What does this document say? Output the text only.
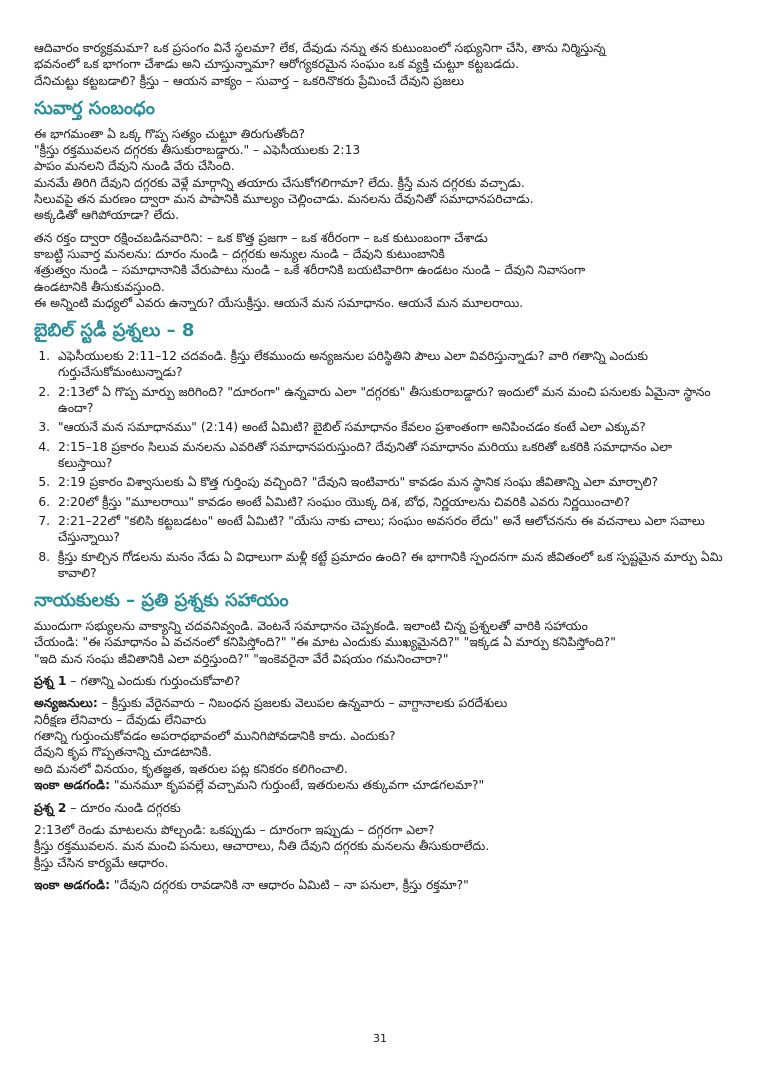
ఆదివారం కార్యక్రమమా? ఒక ప్రసంగం వినే స్థలమా? లేక, దేవుడు నన్ను తన కుటుంబంలో సభ్యునిగా చేసి, తాను నిర్మిస్తున్న

భవనంలో ఒక భాగంగా చేశాడు అని చూస్తున్నామా? ఆరోగ్యకరమైన సంఘం ఒక వ్యక్తి చుట్టూ కట్టబడదు.

దేనిచుట్టు కట్టబడాలి? క్రీస్తు – ఆయన వాక్యం – సువార్త – ఒకరినొకరు ప్రేమించే దేవుని ప్రజలు

సువార్త సంబంధం

ఈ భాగమంతా ఏ ఒక్క గొప్ప సత్యం చుట్టూ తిరుగుతోంది?

"క్రీస్తు రక్తమువలన దగ్గరకు తీసుకురాబడ్డారు." – ఎఫెసీయులకు 2:13

పాపం మనలని దేవుని నుండి వేరు చేసింది.

మనమే తిరిగి దేవుని దగ్గరకు వెళ్లే మార్గాన్ని తయారు చేసుకోగలిగామా? లేదు. క్రీస్తే మన దగ్గరకు వచ్చాడు.

సిలువపై తన మరణం ద్వారా మన పాపానికి మూల్యం చెల్లించాడు. మనలను దేవునితో సమాధానపరిచాడు.

అక్కడితో ఆగిపోయాడా? లేదు.

తన రక్తం ద్వారా రక్షించబడినవారిని: – ఒక కొత్త ప్రజగా – ఒక శరీరంగా – ఒక కుటుంబంగా చేశాడు

కాబట్టి సువార్త మనలను: దూరం నుండి – దగ్గరకు అన్యుల నుండి – దేవుని కుటుంబానికి

శత్రుత్వం నుండి – సమాధానానికి వేరుపాటు నుండి – ఒకే శరీరానికి బయటివారిగా ఉండటం నుండి – దేవుని నివాసంగా

ఉండటానికి తీసుకువస్తుంది.

ఈ అన్నింటి మధ్యలో ఎవరు ఉన్నారు? యేసుక్రీస్తు. ఆయనే మన సమాధానం. ఆయనే మన మూలరాయి.

బైబిల్ స్టడీ ప్రశ్నలు – 8
1. ఎఫెసీయులకు 2:11–12 చదవండి. క్రీస్తు లేకముందు అన్యజనుల పరిస్థితిని పౌలు ఎలా వివరిస్తున్నాడు? వారి గతాన్ని ఎందుకు గుర్తుచేసుకోమంటున్నాడు?
2. 2:13లో ఏ గొప్ప మార్పు జరిగింది? "దూరంగా" ఉన్నవారు ఎలా "దగ్గరకు" తీసుకురాబడ్డారు? ఇందులో మన మంచి పనులకు ఏమైనా స్థానం ఉందా?
3. "ఆయనే మన సమాధానము" (2:14) అంటే ఏమిటి? బైబిల్ సమాధానం కేవలం ప్రశాంతంగా అనిపించడం కంటే ఎలా ఎక్కువ?
4. 2:15–18 ప్రకారం సిలువ మనలను ఎవరితో సమాధానపరుస్తుంది? దేవునితో సమాధానం మరియు ఒకరితో ఒకరికి సమాధానం ఎలా కలుస్తాయి?
5. 2:19 ప్రకారం విశ్వాసులకు ఏ కొత్త గుర్తింపు వచ్చింది? "దేవుని ఇంటివారు" కావడం మన స్థానిక సంఘ జీవితాన్ని ఎలా మార్చాలి?
6. 2:20లో క్రీస్తు "మూలరాయి" కావడం అంటే ఏమిటి? సంఘం యొక్క దిశ, బోధ, నిర్ణయాలను చివరికి ఎవరు నిర్ణయించాలి?
7. 2:21–22లో "కలిసి కట్టబడటం" అంటే ఏమిటి? "యేసు నాకు చాలు; సంఘం అవసరం లేదు" అనే ఆలోచనను ఈ వచనాలు ఎలా సవాలు చేస్తున్నాయి?
8. క్రీస్తు కూల్చిన గోడలను మనం నేడు ఏ విధాలుగా మళ్లీ కట్టే ప్రమాదం ఉంది? ఈ భాగానికి స్పందనగా మన జీవితంలో ఒక స్పష్టమైన మార్పు ఏమి కావాలి?
నాయకులకు – ప్రతి ప్రశ్నకు సహాయం

ముందుగా సభ్యులను వాక్యాన్ని చదవనివ్వండి. వెంటనే సమాధానం చెప్పకండి. ఇలాంటి చిన్న ప్రశ్నలతో వారికి సహాయం

చేయండి: "ఈ సమాధానం ఏ వచనంలో కనిపిస్తోంది?" "ఈ మాట ఎందుకు ముఖ్యమైనది?" "ఇక్కడ ఏ మార్పు కనిపిస్తోంది?"

"ఇది మన సంఘ జీవితానికి ఎలా వర్తిస్తుంది?" "ఇంకెవరైనా వేరే విషయం గమనించారా?"

ప్రశ్న 1 – గతాన్ని ఎందుకు గుర్తుంచుకోవాలి?

అన్యజనులు: – క్రీస్తుకు వేరైనవారు – నిబంధన ప్రజలకు వెలుపల ఉన్నవారు – వాగ్దానాలకు పరదేశులు

నిరీక్షణ లేనివారు – దేవుడు లేనివారు

గతాన్ని గుర్తుంచుకోవడం అపరాధభావంలో మునిగిపోవడానికి కాదు. ఎందుకు?

దేవుని కృప గొప్పతనాన్ని చూడటానికి.

అది మనలో వినయం, కృతజ్ఞత, ఇతరుల పట్ల కనికరం కలిగించాలి.

ఇంకా అడగండి: "మనమూ కృపవల్లే వచ్చామని గుర్తుంటే, ఇతరులను తక్కువగా చూడగలమా?"

ప్రశ్న 2 – దూరం నుండి దగ్గరకు

2:13లో రెండు మాటలను పోల్చండి: ఒకప్పుడు – దూరంగా ఇప్పుడు – దగ్గరగా ఎలా?

క్రీస్తు రక్తమువలన. మన మంచి పనులు, ఆచారాలు, నీతి దేవుని దగ్గరకు మనలను తీసుకురాలేదు.

క్రీస్తు చేసిన కార్యమే ఆధారం.

ఇంకా అడగండి: "దేవుని దగ్గరకు రావడానికి నా ఆధారం ఏమిటి – నా పనులా, క్రీస్తు రక్తమా?"

31
